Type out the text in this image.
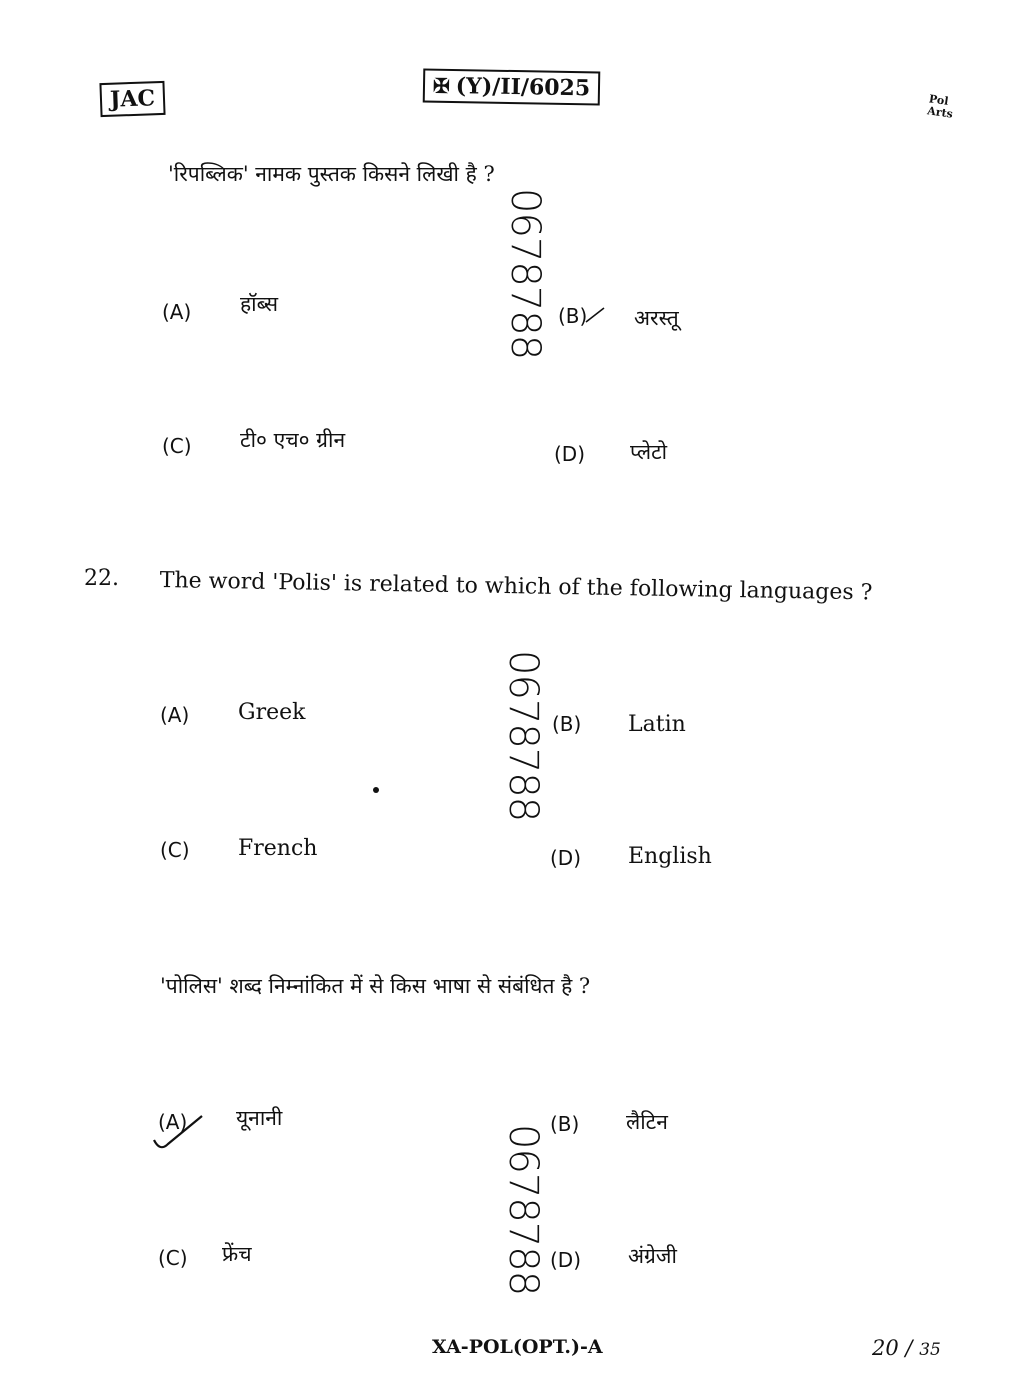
JAC	✠ (Y)/II/6025	Pol
Arts
'रिपब्लिक' नामक पुस्तक किसने लिखी है ?
0678788
(A) हॉब्स	(B) अरस्तू
(C) टी० एच० ग्रीन
(D) प्लेटो
22. The word 'Polis' is related to which of the following languages ?
0678788
(A) Greek	(B) Latin
(C) French	(D) English
'पोलिस' शब्द निम्नांकित में से किस भाषा से संबंधित है ?
0678788
(A) यूनानी	(B) लैटिन
(C) फ्रेंच	(D) अंग्रेजी
XA-POL(OPT.)-A	20 / 35
